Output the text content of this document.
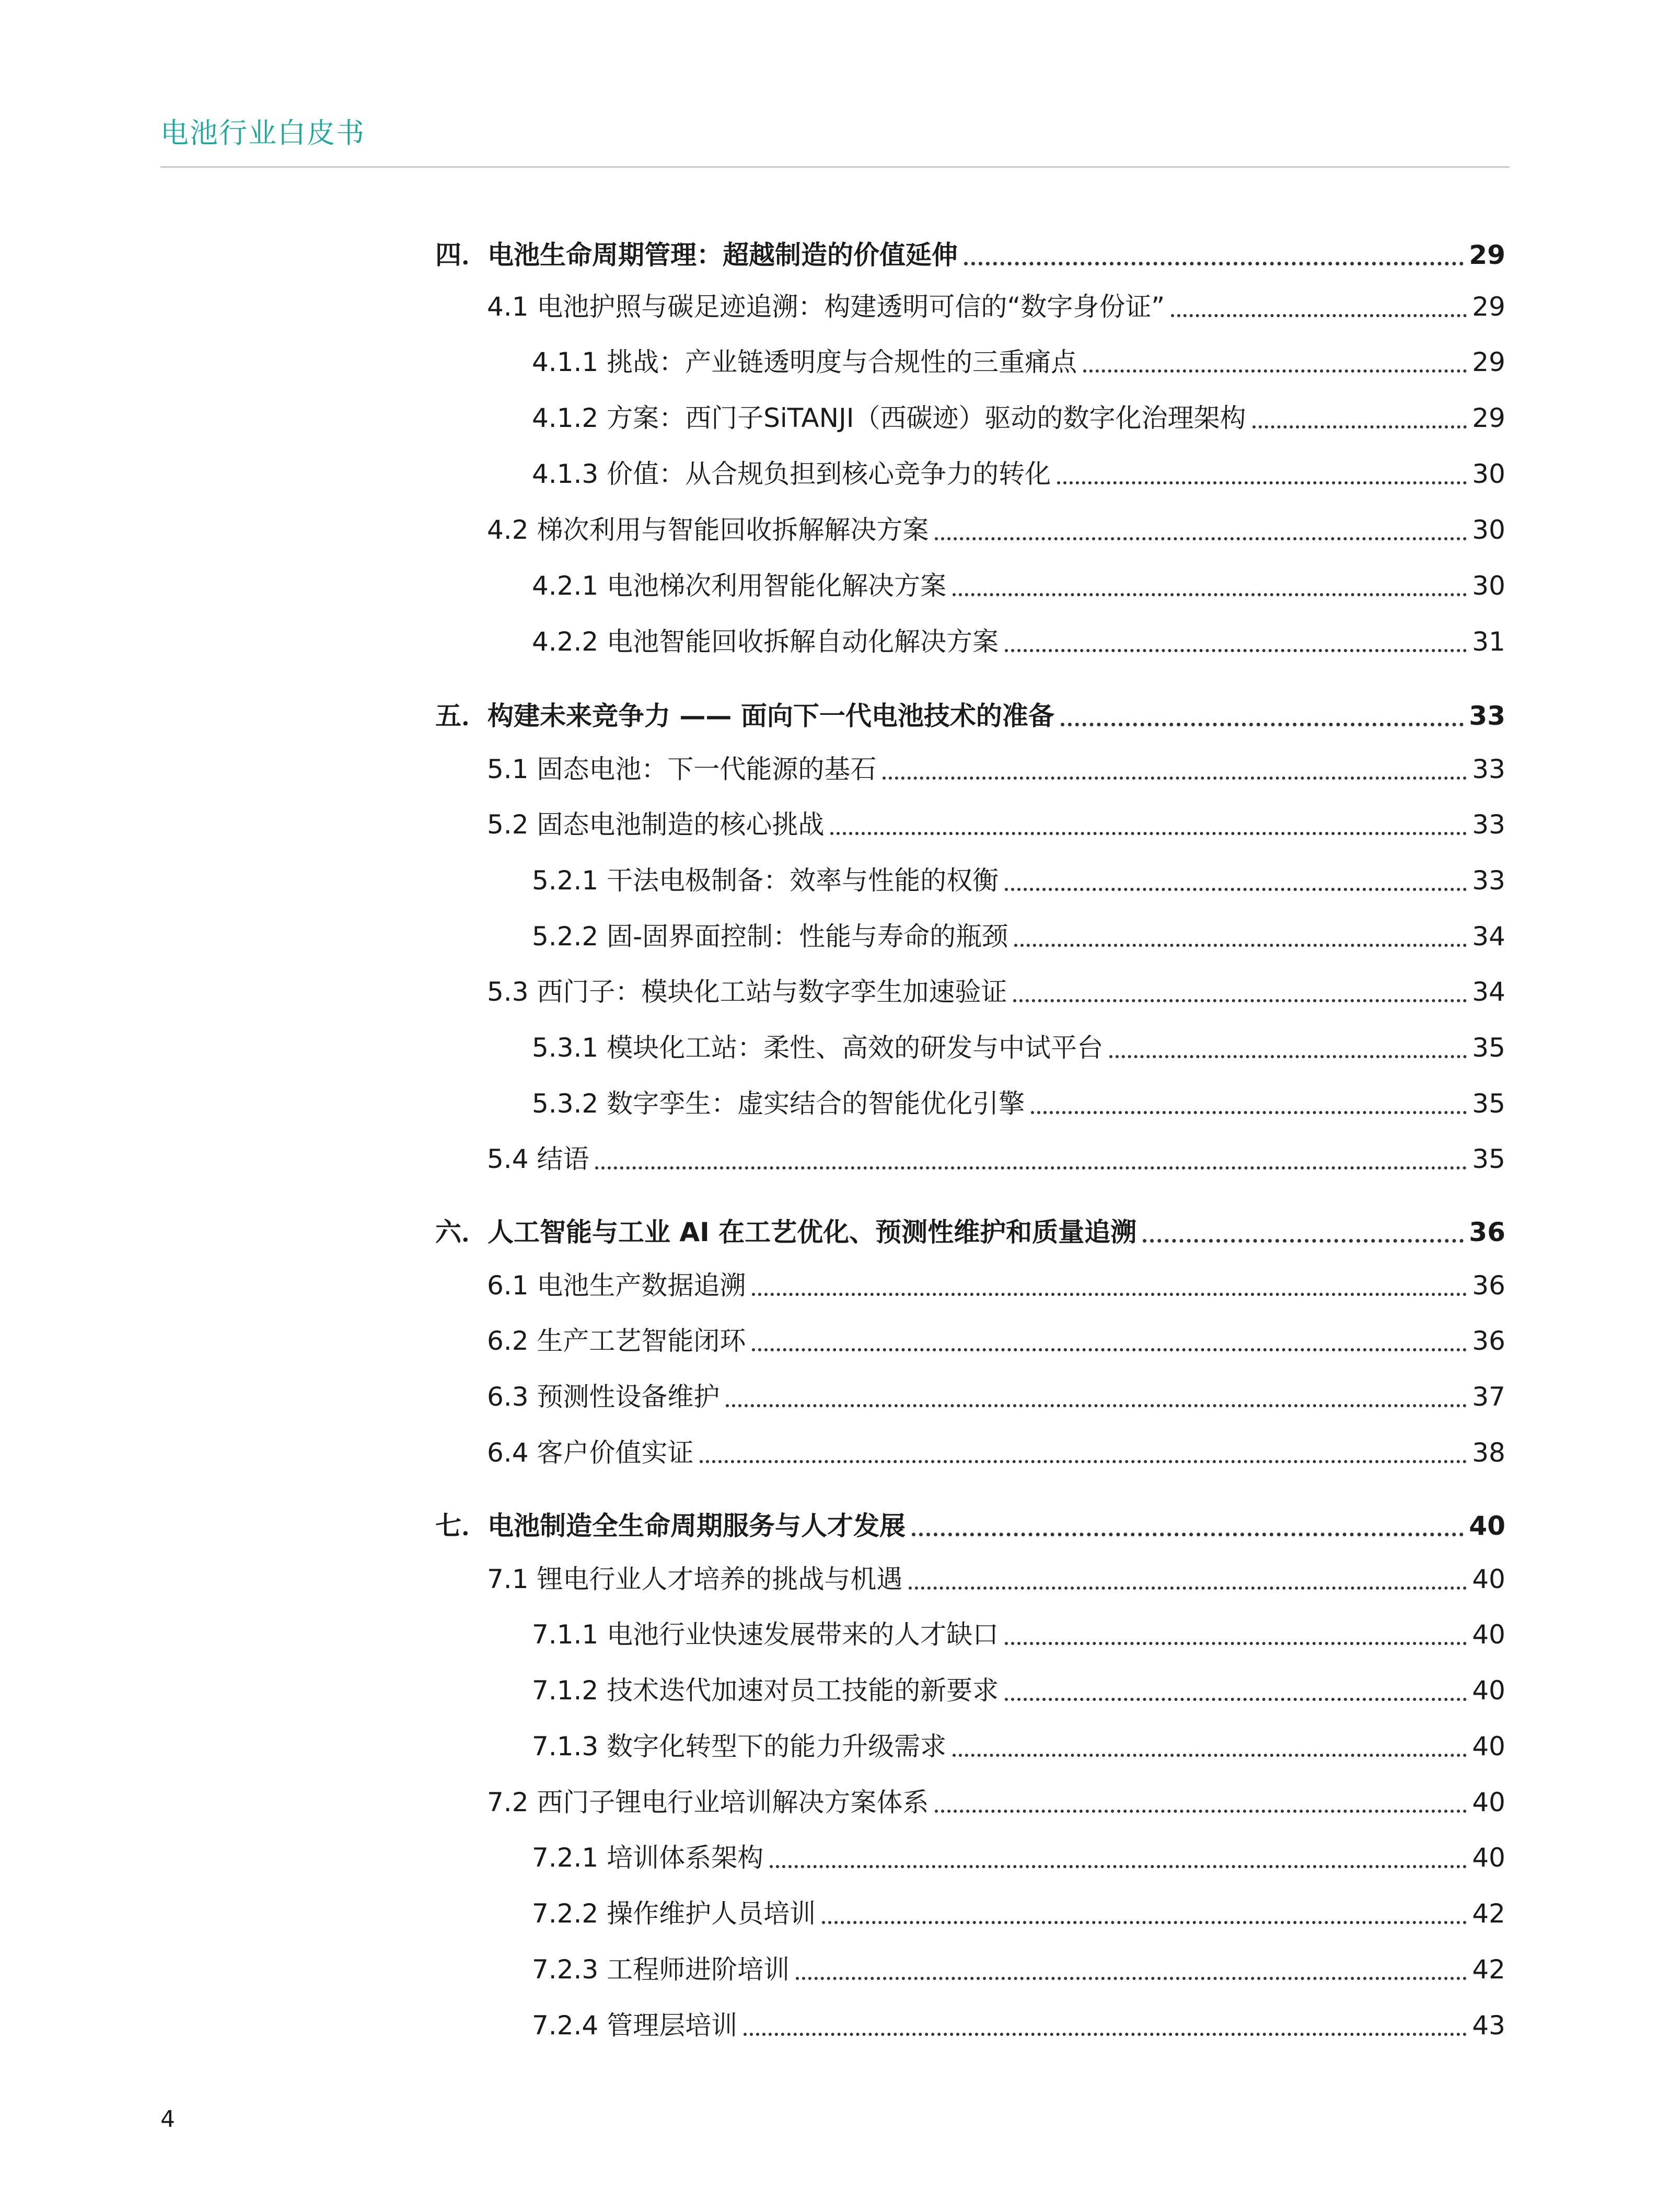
电池行业白皮书
四．电池生命周期管理：超越制造的价值延伸	29
4.1 电池护照与碳足迹追溯：构建透明可信的“数字身份证”	29
4.1.1 挑战：产业链透明度与合规性的三重痛点	29
4.1.2 方案：西门子SiTANJI（西碳迹）驱动的数字化治理架构	29
4.1.3 价值：从合规负担到核心竞争力的转化	30
4.2 梯次利用与智能回收拆解解决方案	30
4.2.1 电池梯次利用智能化解决方案	30
4.2.2 电池智能回收拆解自动化解决方案	31
五．构建未来竞争力 —— 面向下一代电池技术的准备	33
5.1 固态电池：下一代能源的基石	33
5.2 固态电池制造的核心挑战	33
5.2.1 干法电极制备：效率与性能的权衡	33
5.2.2 固-固界面控制：性能与寿命的瓶颈	34
5.3 西门子：模块化工站与数字孪生加速验证	34
5.3.1 模块化工站：柔性、高效的研发与中试平台	35
5.3.2 数字孪生：虚实结合的智能优化引擎	35
5.4 结语	35
六．人工智能与工业 AI 在工艺优化、预测性维护和质量追溯	36
6.1 电池生产数据追溯	36
6.2 生产工艺智能闭环	36
6.3 预测性设备维护	37
6.4 客户价值实证	38
七．电池制造全生命周期服务与人才发展	40
7.1 锂电行业人才培养的挑战与机遇	40
7.1.1 电池行业快速发展带来的人才缺口	40
7.1.2 技术迭代加速对员工技能的新要求	40
7.1.3 数字化转型下的能力升级需求	40
7.2 西门子锂电行业培训解决方案体系	40
7.2.1 培训体系架构	40
7.2.2 操作维护人员培训	42
7.2.3 工程师进阶培训	42
7.2.4 管理层培训	43
4
